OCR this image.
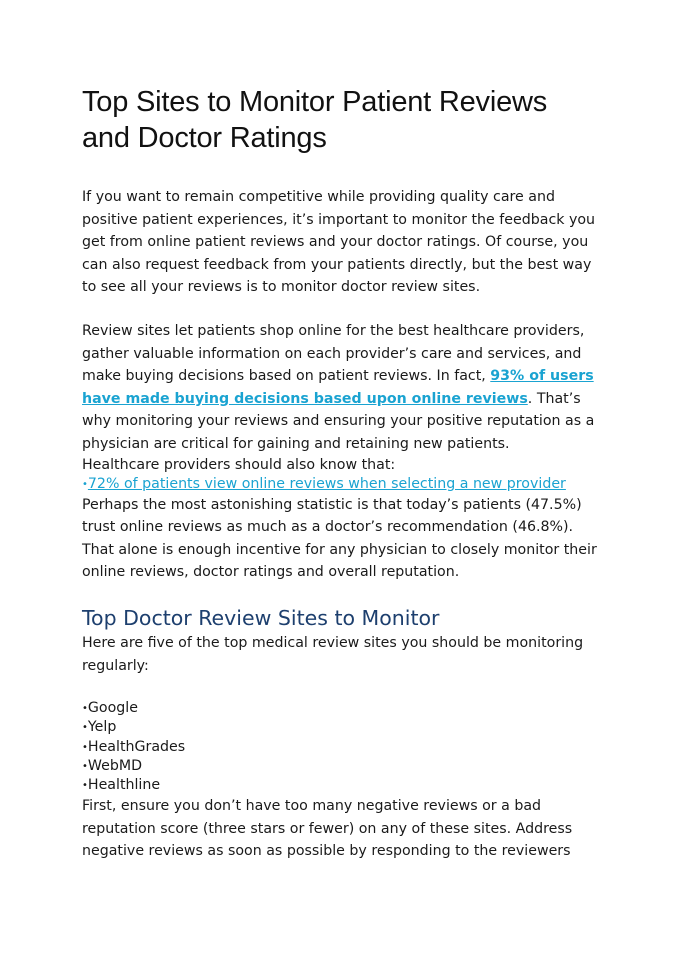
Top Sites to Monitor Patient Reviews and Doctor Ratings

If you want to remain competitive while providing quality care and positive patient experiences, it’s important to monitor the feedback you get from online patient reviews and your doctor ratings. Of course, you can also request feedback from your patients directly, but the best way to see all your reviews is to monitor doctor review sites.

Review sites let patients shop online for the best healthcare providers, gather valuable information on each provider’s care and services, and make buying decisions based on patient reviews. In fact, 93% of users have made buying decisions based upon online reviews. That’s why monitoring your reviews and ensuring your positive reputation as a physician are critical for gaining and retaining new patients.

Healthcare providers should also know that:

•72% of patients view online reviews when selecting a new provider

Perhaps the most astonishing statistic is that today’s patients (47.5%) trust online reviews as much as a doctor’s recommendation (46.8%). That alone is enough incentive for any physician to closely monitor their online reviews, doctor ratings and overall reputation.

Top Doctor Review Sites to Monitor

Here are five of the top medical review sites you should be monitoring regularly:

•Google
•Yelp
•HealthGrades
•WebMD
•Healthline

First, ensure you don’t have too many negative reviews or a bad reputation score (three stars or fewer) on any of these sites. Address negative reviews as soon as possible by responding to the reviewers
